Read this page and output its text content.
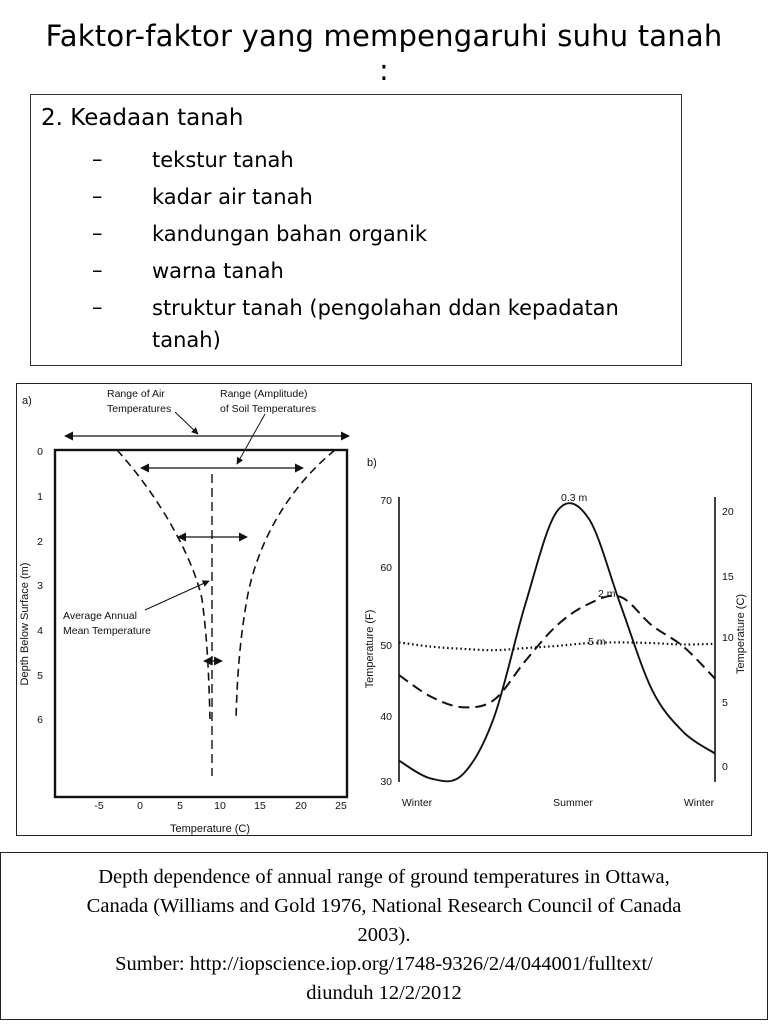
Faktor-faktor yang mempengaruhi suhu tanah
:
2. Keadaan tanah
– tekstur tanah
– kadar air tanah
– kandungan bahan organik
– warna tanah
– struktur tanah (pengolahan ddan kepadatan tanah)
a)
Range of Air
Temperatures
Range (Amplitude)
of Soil Temperatures
0
1
2
3
4
5
6
-5	0	5	10	15	20	25
Temperature (C)
Depth Below Surface (m)	Average Annual
Mean Temperature
b)
70
60
50
40
30
20
15
10
5
0
Temperature (F)	Temperature (C)
Winter	Summer	Winter
0.3 m
2 m
5 m
Depth dependence of annual range of ground temperatures in Ottawa,
Canada (Williams and Gold 1976, National Research Council of Canada
2003).
Sumber: http://iopscience.iop.org/1748-9326/2/4/044001/fulltext/
diunduh 12/2/2012
